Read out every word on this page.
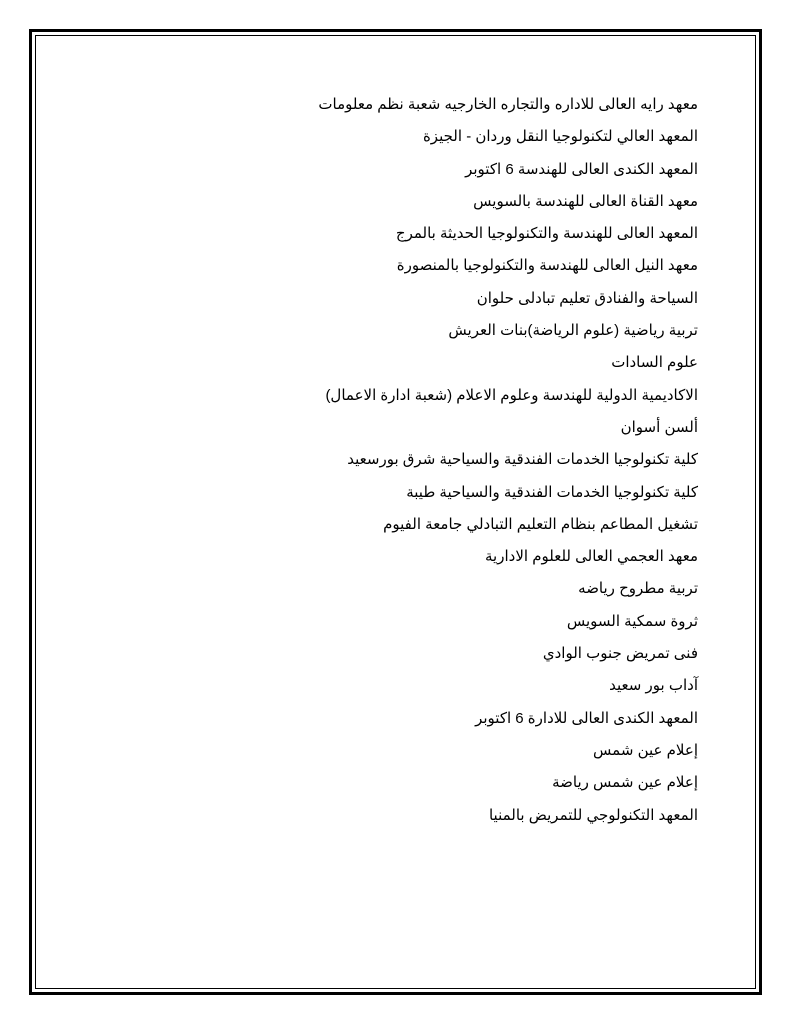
معهد رايه العالى للاداره والتجاره الخارجيه شعبة نظم معلومات
المعهد العالي لتكنولوجيا النقل وردان - الجيزة
المعهد الكندى العالى للهندسة 6 اكتوبر
معهد القناة العالى للهندسة بالسويس
المعهد العالى للهندسة والتكنولوجيا الحديثة بالمرج
معهد النيل العالى للهندسة والتكنولوجيا بالمنصورة
السياحة والفنادق تعليم تبادلى حلوان
تربية رياضية (علوم الرياضة)بنات العريش
علوم السادات
الاكاديمية الدولية للهندسة وعلوم الاعلام (شعبة ادارة الاعمال)
ألسن أسوان
كلية تكنولوجيا الخدمات الفندقية والسياحية شرق بورسعيد
كلية تكنولوجيا الخدمات الفندقية والسياحية طيبة
تشغيل المطاعم بنظام التعليم التبادلي جامعة الفيوم
معهد العجمي العالى للعلوم الادارية
تربية مطروح رياضه
ثروة سمكية السويس
فنى تمريض جنوب الوادي
آداب بور سعيد
المعهد الكندى العالى للادارة 6 اكتوبر
إعلام عين شمس
إعلام عين شمس رياضة
المعهد التكنولوجي للتمريض بالمنيا
